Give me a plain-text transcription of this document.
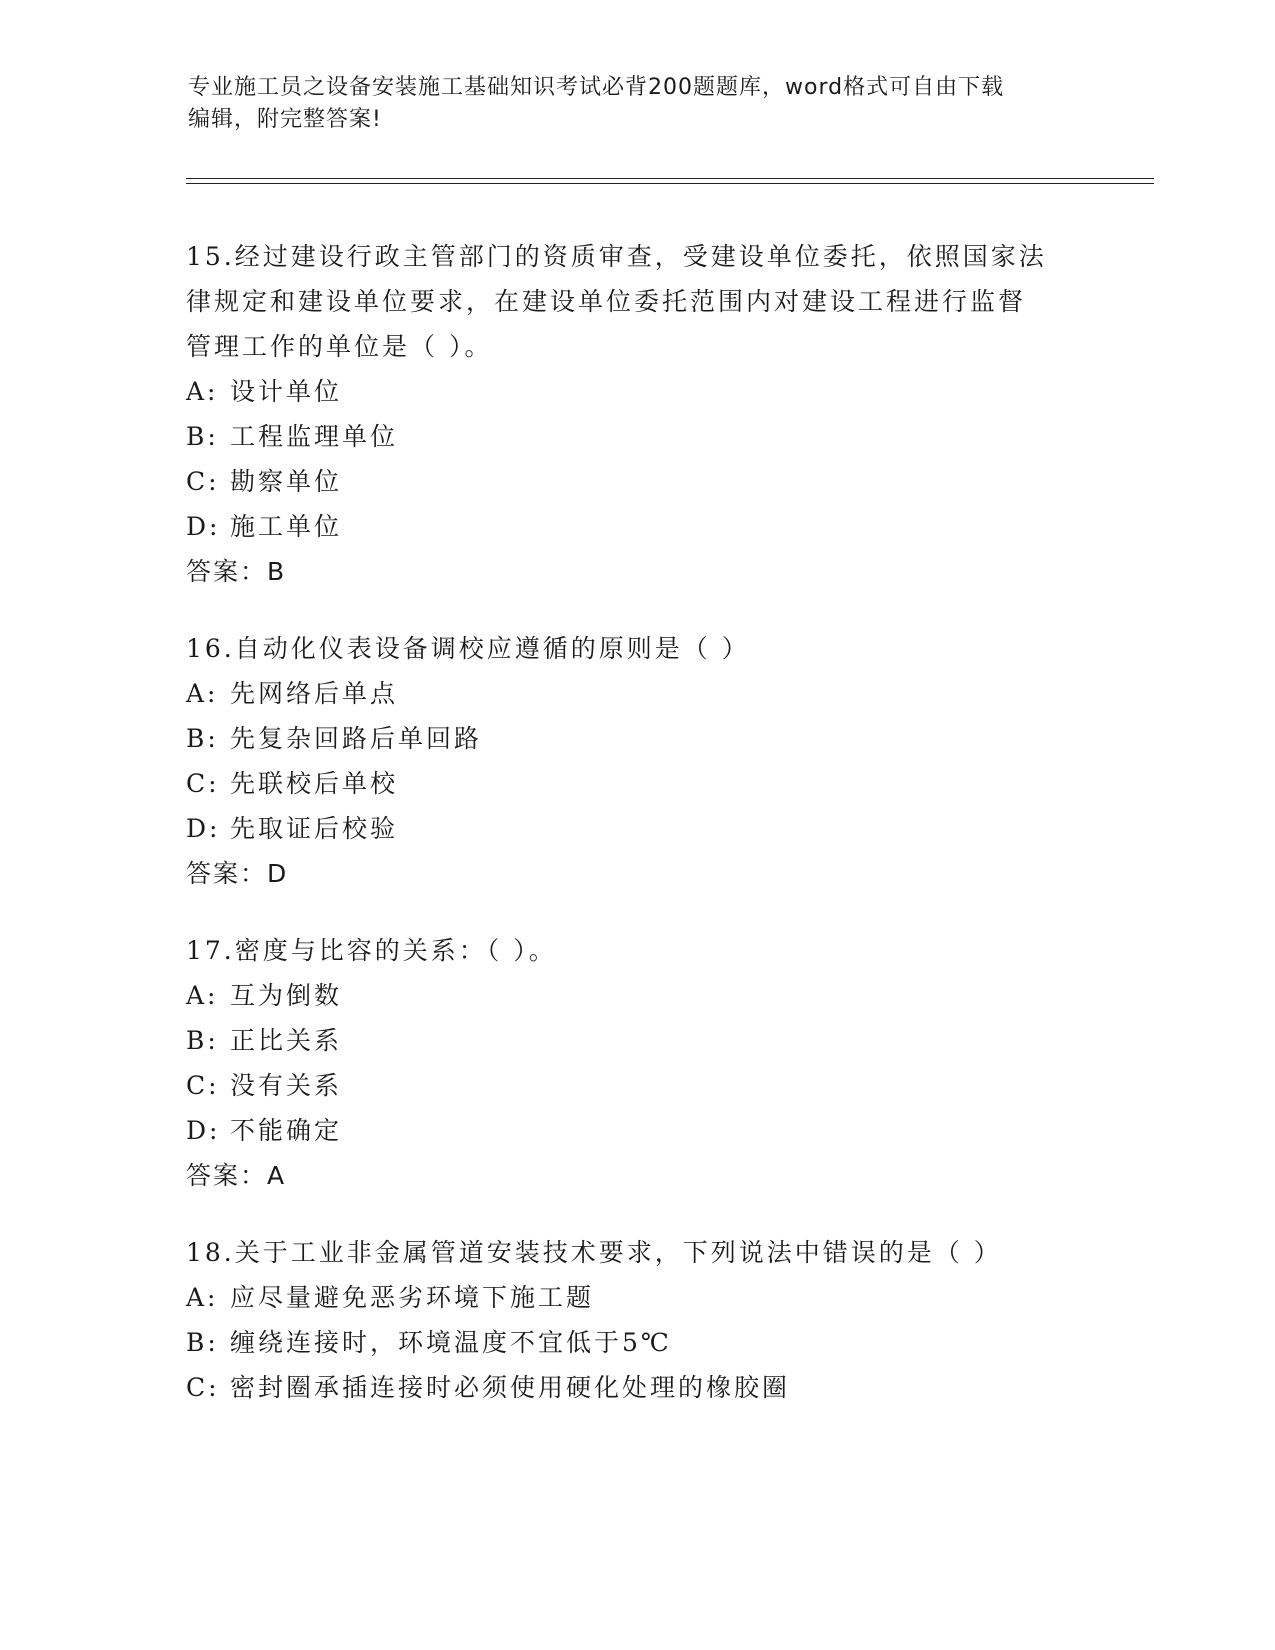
专业施工员之设备安装施工基础知识考试必背200题题库，word格式可自由下载
编辑，附完整答案!

15.经过建设行政主管部门的资质审查，受建设单位委托，依照国家法

律规定和建设单位要求，在建设单位委托范围内对建设工程进行监督

管理工作的单位是（ ）。

A: 设计单位

B: 工程监理单位

C: 勘察单位

D: 施工单位

答案：B

16.自动化仪表设备调校应遵循的原则是（ ）

A: 先网络后单点

B: 先复杂回路后单回路

C: 先联校后单校

D: 先取证后校验

答案：D

17.密度与比容的关系：（ ）。

A: 互为倒数

B: 正比关系

C: 没有关系

D: 不能确定

答案：A

18.关于工业非金属管道安装技术要求，下列说法中错误的是（ ）

A: 应尽量避免恶劣环境下施工题

B: 缠绕连接时，环境温度不宜低于5℃

C: 密封圈承插连接时必须使用硬化处理的橡胶圈
